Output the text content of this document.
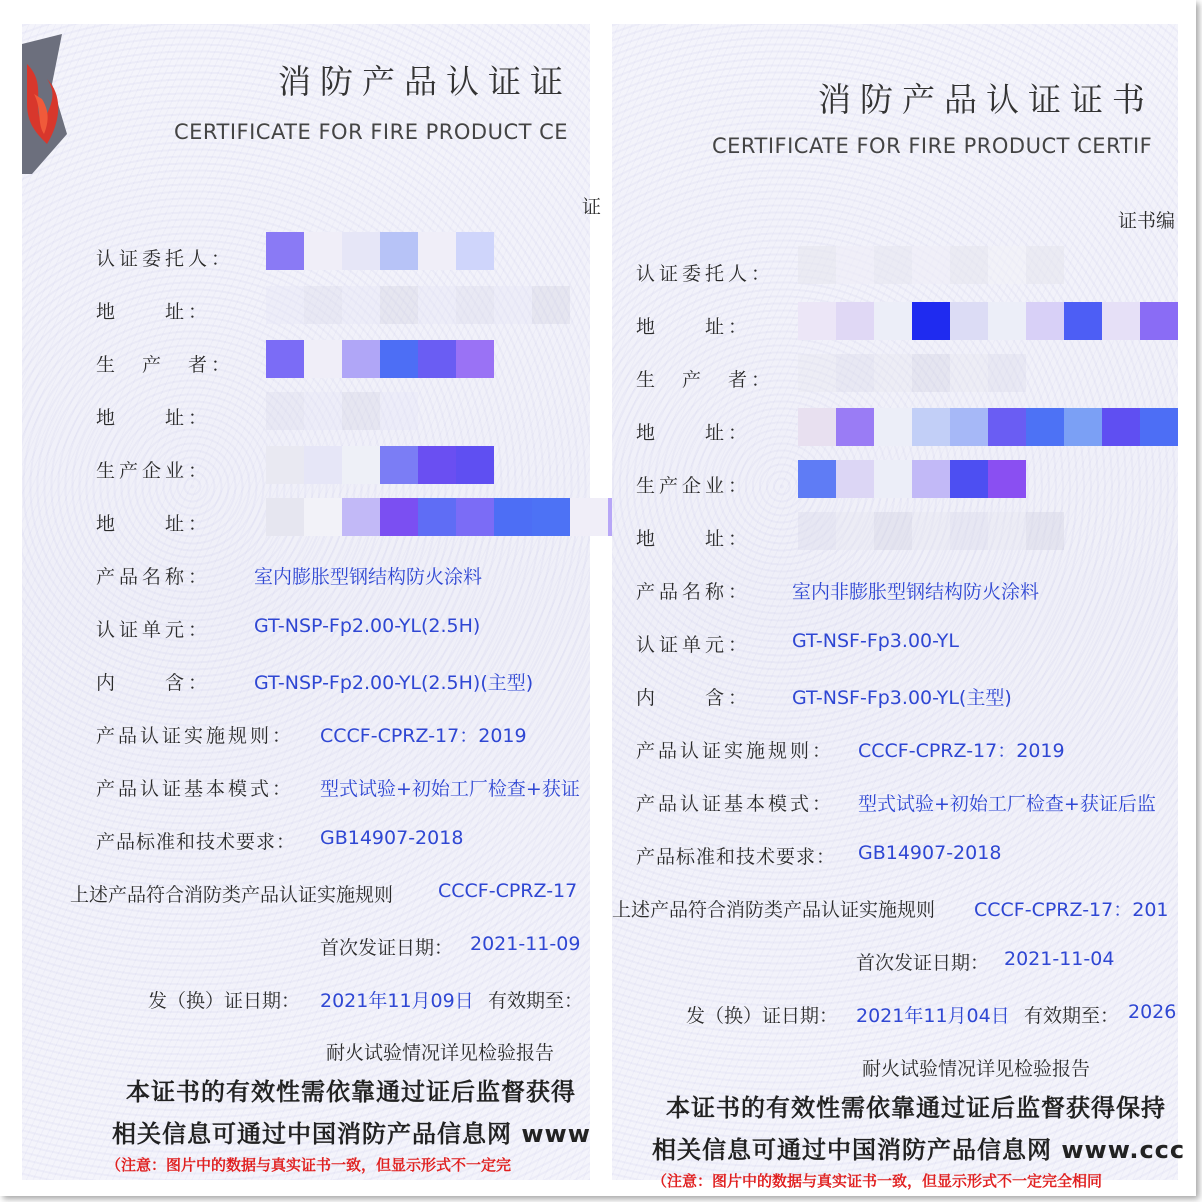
消防产品认证证
CERTIFICATE FOR FIRE PRODUCT CE
证
认证委托人：
地　　址：
生　产　者：
地　　址：
生产企业：
地　　址：
产品名称： 室内膨胀型钢结构防火涂料
认证单元： GT-NSP-Fp2.00-YL(2.5H)
内　　含： GT-NSP-Fp2.00-YL(2.5H)(主型)
产品认证实施规则： CCCF-CPRZ-17：2019
产品认证基本模式： 型式试验+初始工厂检查+获证
产品标准和技术要求： GB14907-2018
上述产品符合消防类产品认证实施规则 CCCF-CPRZ-17
首次发证日期： 2021-11-09
发（换）证日期： 2021年11月09日 有效期至：
耐火试验情况详见检验报告
本证书的有效性需依靠通过证后监督获得
相关信息可通过中国消防产品信息网 www
（注意：图片中的数据与真实证书一致，但显示形式不一定完
消防产品认证证书
CERTIFICATE FOR FIRE PRODUCT CERTIF
证书编
认证委托人：
地　　址：
生　产　者：
地　　址：
生产企业：
地　　址：
产品名称： 室内非膨胀型钢结构防火涂料
认证单元： GT-NSF-Fp3.00-YL
内　　含： GT-NSF-Fp3.00-YL(主型)
产品认证实施规则： CCCF-CPRZ-17：2019
产品认证基本模式： 型式试验+初始工厂检查+获证后监
产品标准和技术要求： GB14907-2018
上述产品符合消防类产品认证实施规则 CCCF-CPRZ-17：201
首次发证日期： 2021-11-04
发（换）证日期： 2021年11月04日 有效期至： 2026
耐火试验情况详见检验报告
本证书的有效性需依靠通过证后监督获得保持
相关信息可通过中国消防产品信息网 www.ccc
（注意：图片中的数据与真实证书一致，但显示形式不一定完全相同
